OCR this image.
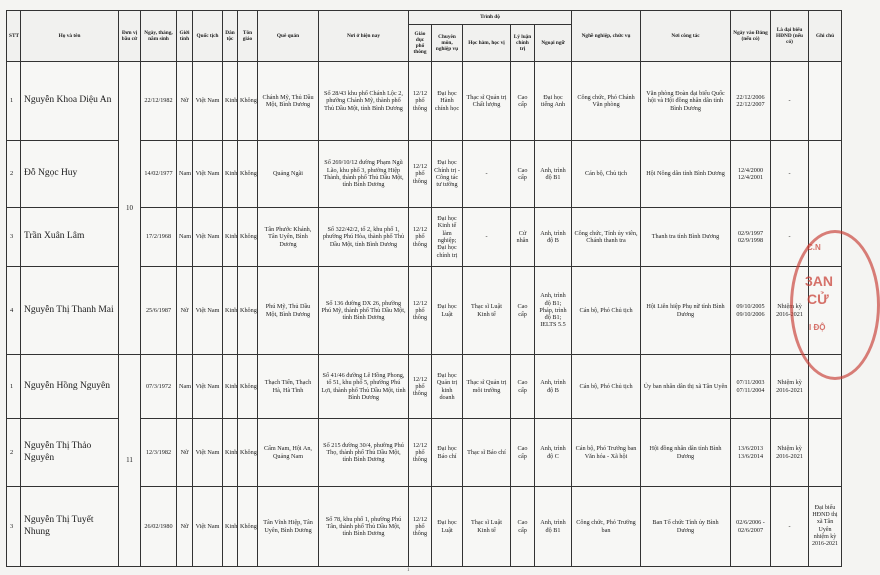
STT	Họ và tên	Đơn vị bầu cử	Ngày, tháng, năm sinh	Giới tính	Quốc tịch	Dân tộc	Tôn giáo	Quê quán	Nơi ở hiện nay	Trình độ					Nghề nghiệp, chức vụ	Nơi công tác	Ngày vào Đảng (nếu có)	Là đại biểu HĐND (nếu có)	Ghi chú
										Giáo dục phổ thông	Chuyên môn, nghiệp vụ	Học hàm, học vị	Lý luận chính trị	Ngoại ngữ					
1	Nguyễn Khoa Diệu An	10	22/12/1982	Nữ	Việt Nam	Kinh	Không	Chánh Mỹ, Thủ Dầu Một, Bình Dương	Số 28/43 khu phố Chánh Lộc 2, phường Chánh Mỹ, thành phố Thủ Dầu Một, tỉnh Bình Dương	12/12 phổ thông	Đại học Hành chính học	Thạc sĩ Quản trị Chất lượng	Cao cấp	Đại học tiếng Anh	Công chức, Phó Chánh Văn phòng	Văn phòng Đoàn đại biểu Quốc hội và Hội đồng nhân dân tỉnh Bình Dương	22/12/2006 22/12/2007	-	
2	Đỗ Ngọc Huy		14/02/1977	Nam	Việt Nam	Kinh	Không	Quảng Ngãi	Số 269/10/12 đường Phạm Ngũ Lão, khu phố 3, phường Hiệp Thành, thành phố Thủ Dầu Một, tỉnh Bình Dương	12/12 phổ thông	Đại học Chính trị - Công tác tư tưởng	-	Cao cấp	Anh, trình độ B1	Cán bộ, Chủ tịch	Hội Nông dân tỉnh Bình Dương	12/4/2000 12/4/2001	-	
3	Trần Xuân Lâm		17/2/1968	Nam	Việt Nam	Kinh	Không	Tân Phước Khánh, Tân Uyên, Bình Dương	Số 322/42/2, tổ 2, khu phố 1, phường Phú Hòa, thành phố Thủ Dầu Một, tỉnh Bình Dương	12/12 phổ thông	Đại học Kinh tế làm nghiệp; Đại học chính trị	-	Cử nhân	Anh, trình độ B	Công chức, Tỉnh ủy viên, Chánh thanh tra	Thanh tra tỉnh Bình Dương	02/9/1997 02/9/1998	-	
4	Nguyễn Thị Thanh Mai		25/6/1987	Nữ	Việt Nam	Kinh	Không	Phú Mỹ, Thủ Dầu Một, Bình Dương	Số 136 đường DX 26, phường Phú Mỹ, thành phố Thủ Dầu Một, tỉnh Bình Dương	12/12 phổ thông	Đại học Luật	Thạc sĩ Luật Kinh tế	Cao cấp	Anh, trình độ B1; Pháp, trình độ B1; IELTS 5.5	Cán bộ, Phó Chủ tịch	Hội Liên hiệp Phụ nữ tỉnh Bình Dương	09/10/2005 09/10/2006	Nhiệm kỳ 2016-2021	
1	Nguyễn Hồng Nguyên	11	07/3/1972	Nam	Việt Nam	Kinh	Không	Thạch Tiến, Thạch Hà, Hà Tĩnh	Số 41/46 đường Lê Hồng Phong, tổ 51, khu phố 5, phường Phú Lợi, thành phố Thủ Dầu Một, tỉnh Bình Dương	12/12 phổ thông	Đại học Quản trị kinh doanh	Thạc sĩ Quản trị môi trường	Cao cấp	Anh, trình độ B	Cán bộ, Phó Chủ tịch	Ủy ban nhân dân thị xã Tân Uyên	07/11/2003 07/11/2004	Nhiệm kỳ 2016-2021	
2	Nguyễn Thị Thảo Nguyên		12/3/1982	Nữ	Việt Nam	Kinh	Không	Cẩm Nam, Hội An, Quảng Nam	Số 215 đường 30/4, phường Phú Thọ, thành phố Thủ Dầu Một, tỉnh Bình Dương	12/12 phổ thông	Đại học Báo chí	Thạc sĩ Báo chí	Cao cấp	Anh, trình độ C	Cán bộ, Phó Trưởng ban Văn hóa - Xã hội	Hội đồng nhân dân tỉnh Bình Dương	13/6/2013 13/6/2014	Nhiệm kỳ 2016-2021	
3	Nguyễn Thị Tuyết Nhung		26/02/1980	Nữ	Việt Nam	Kinh	Không	Tân Vĩnh Hiệp, Tân Uyên, Bình Dương	Số 78, khu phố 1, phường Phú Tân, thành phố Thủ Dầu Một, tỉnh Bình Dương	12/12 phổ thông	Đại học Luật	Thạc sĩ Luật Kinh tế	Cao cấp	Anh, trình độ B1	Công chức, Phó Trưởng ban	Ban Tổ chức Tỉnh ủy Bình Dương	02/6/2006 - 02/6/2007	-	Đại biểu HĐND thị xã Tân Uyên nhiệm kỳ 2016-2021
C.N
3AN
CỬ
I ĐỘ
1
